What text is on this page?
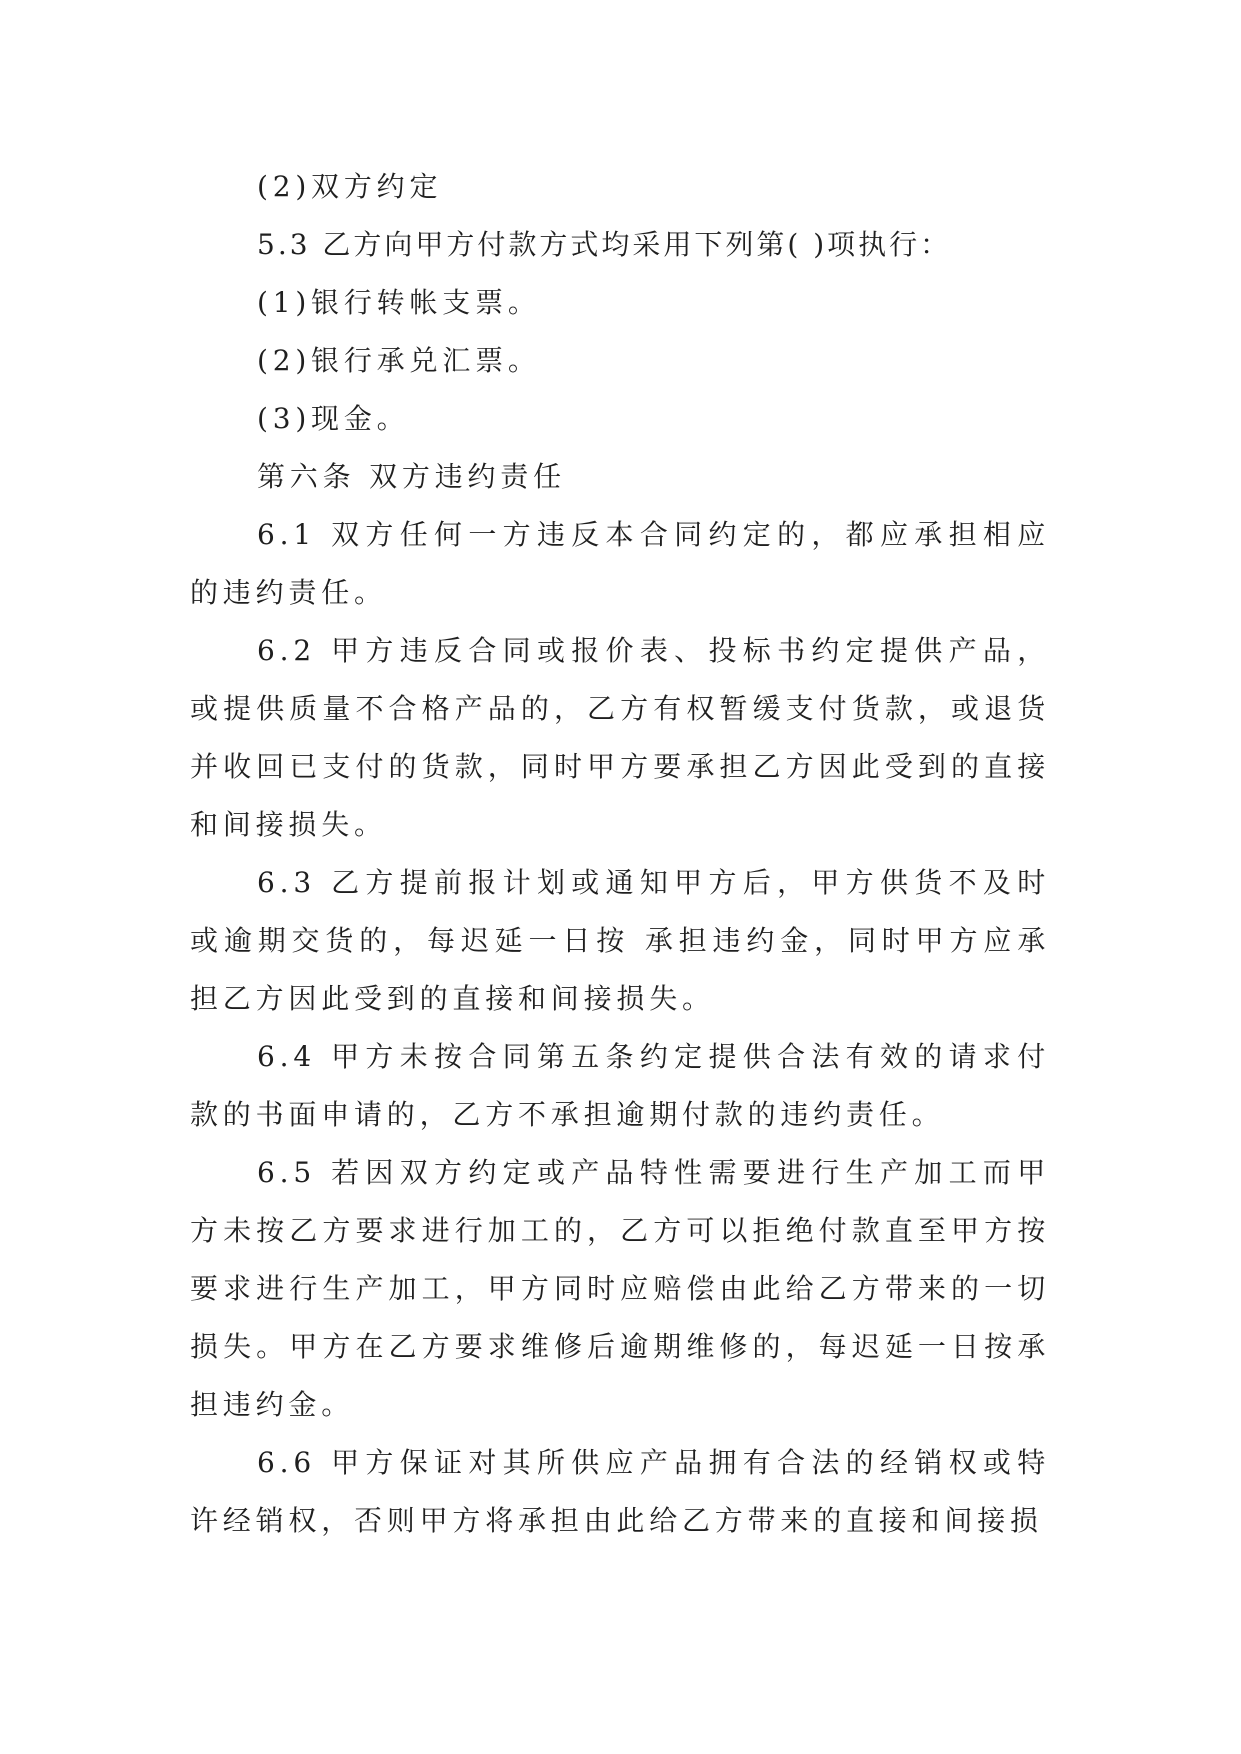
(2)双方约定

5.3 乙方向甲方付款方式均采用下列第( )项执行：

(1)银行转帐支票。

(2)银行承兑汇票。

(3)现金。

第六条 双方违约责任

6.1 双方任何一方违反本合同约定的，都应承担相应的违约责任。

6.2 甲方违反合同或报价表、投标书约定提供产品，或提供质量不合格产品的，乙方有权暂缓支付货款，或退货并收回已支付的货款，同时甲方要承担乙方因此受到的直接和间接损失。

6.3 乙方提前报计划或通知甲方后，甲方供货不及时或逾期交货的，每迟延一日按 承担违约金，同时甲方应承担乙方因此受到的直接和间接损失。

6.4 甲方未按合同第五条约定提供合法有效的请求付款的书面申请的，乙方不承担逾期付款的违约责任。

6.5 若因双方约定或产品特性需要进行生产加工而甲方未按乙方要求进行加工的，乙方可以拒绝付款直至甲方按要求进行生产加工，甲方同时应赔偿由此给乙方带来的一切损失。甲方在乙方要求维修后逾期维修的，每迟延一日按承担违约金。

6.6 甲方保证对其所供应产品拥有合法的经销权或特许经销权，否则甲方将承担由此给乙方带来的直接和间接损
